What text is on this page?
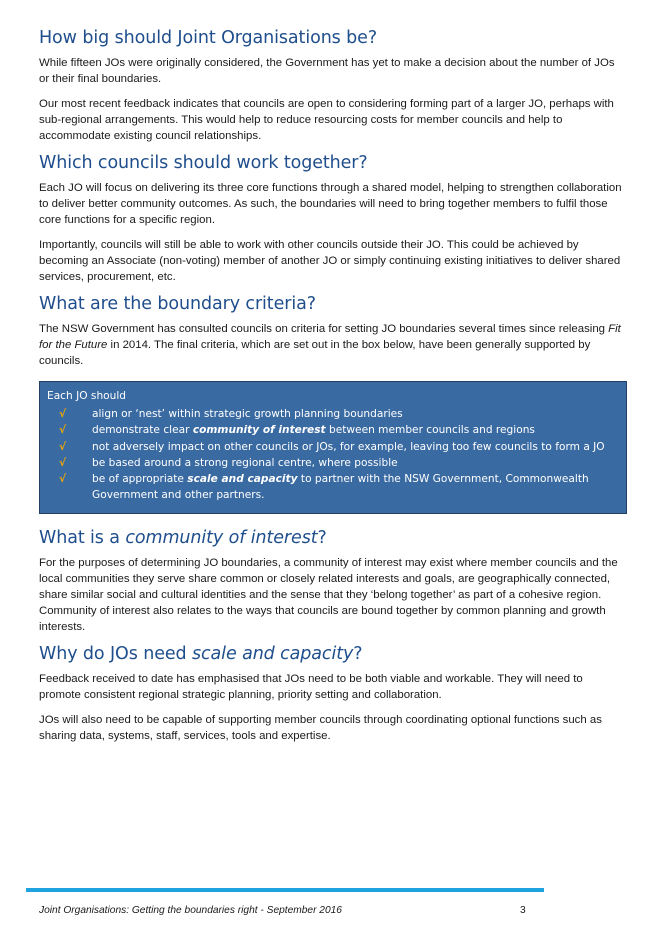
How big should Joint Organisations be?

While fifteen JOs were originally considered, the Government has yet to make a decision about the number of JOs or their final boundaries.

Our most recent feedback indicates that councils are open to considering forming part of a larger JO, perhaps with sub-regional arrangements. This would help to reduce resourcing costs for member councils and help to accommodate existing council relationships.

Which councils should work together?

Each JO will focus on delivering its three core functions through a shared model, helping to strengthen collaboration to deliver better community outcomes. As such, the boundaries will need to bring together members to fulfil those core functions for a specific region.

Importantly, councils will still be able to work with other councils outside their JO. This could be achieved by becoming an Associate (non-voting) member of another JO or simply continuing existing initiatives to deliver shared services, procurement, etc.

What are the boundary criteria?

The NSW Government has consulted councils on criteria for setting JO boundaries several times since releasing Fit for the Future in 2014. The final criteria, which are set out in the box below, have been generally supported by councils.

Each JO should
√ align or ‘nest’ within strategic growth planning boundaries
√ demonstrate clear community of interest between member councils and regions
√ not adversely impact on other councils or JOs, for example, leaving too few councils to form a JO
√ be based around a strong regional centre, where possible
√ be of appropriate scale and capacity to partner with the NSW Government, Commonwealth Government and other partners.
What is a community of interest?

For the purposes of determining JO boundaries, a community of interest may exist where member councils and the local communities they serve share common or closely related interests and goals, are geographically connected, share similar social and cultural identities and the sense that they ‘belong together’ as part of a cohesive region. Community of interest also relates to the ways that councils are bound together by common planning and growth interests.

Why do JOs need scale and capacity?

Feedback received to date has emphasised that JOs need to be both viable and workable. They will need to promote consistent regional strategic planning, priority setting and collaboration.

JOs will also need to be capable of supporting member councils through coordinating optional functions such as sharing data, systems, staff, services, tools and expertise.

Joint Organisations: Getting the boundaries right - September 2016	3
